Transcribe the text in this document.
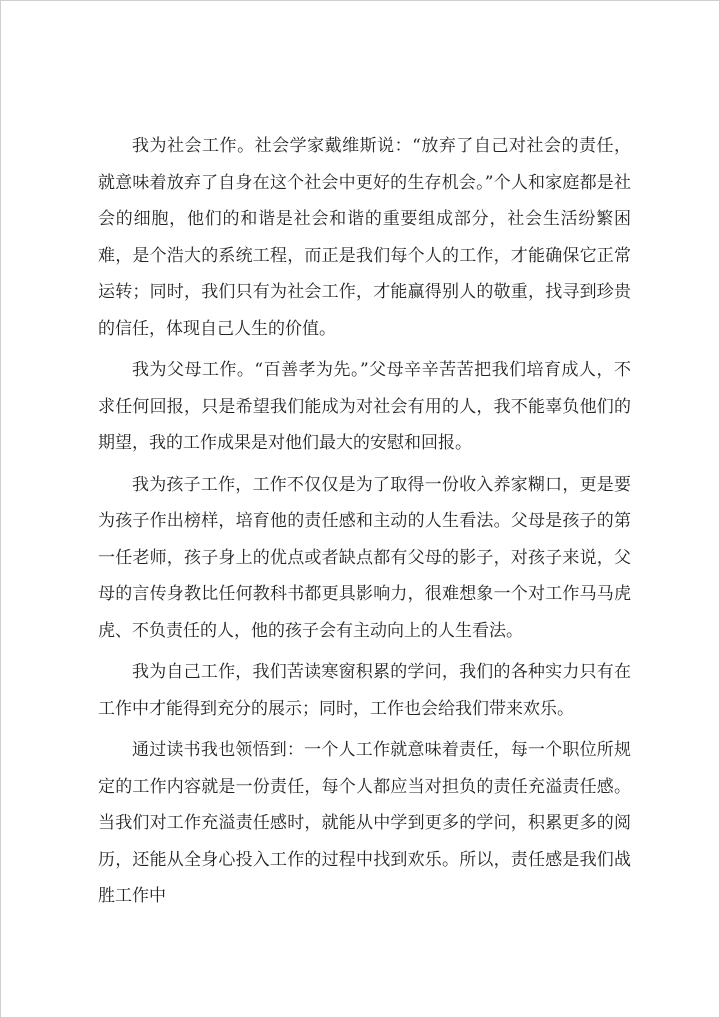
我为社会工作。社会学家戴维斯说：“放弃了自己对社会的责任，就意味着放弃了自身在这个社会中更好的生存机会。”个人和家庭都是社会的细胞，他们的和谐是社会和谐的重要组成部分，社会生活纷繁困难，是个浩大的系统工程，而正是我们每个人的工作，才能确保它正常运转；同时，我们只有为社会工作，才能赢得别人的敬重，找寻到珍贵的信任，体现自己人生的价值。

我为父母工作。“百善孝为先。”父母辛辛苦苦把我们培育成人，不求任何回报，只是希望我们能成为对社会有用的人，我不能辜负他们的期望，我的工作成果是对他们最大的安慰和回报。

我为孩子工作，工作不仅仅是为了取得一份收入养家糊口，更是要为孩子作出榜样，培育他的责任感和主动的人生看法。父母是孩子的第一任老师，孩子身上的优点或者缺点都有父母的影子，对孩子来说，父母的言传身教比任何教科书都更具影响力，很难想象一个对工作马马虎虎、不负责任的人，他的孩子会有主动向上的人生看法。

我为自己工作，我们苦读寒窗积累的学问，我们的各种实力只有在工作中才能得到充分的展示；同时，工作也会给我们带来欢乐。

通过读书我也领悟到：一个人工作就意味着责任，每一个职位所规定的工作内容就是一份责任，每个人都应当对担负的责任充溢责任感。当我们对工作充溢责任感时，就能从中学到更多的学问，积累更多的阅历，还能从全身心投入工作的过程中找到欢乐。所以，责任感是我们战胜工作中
